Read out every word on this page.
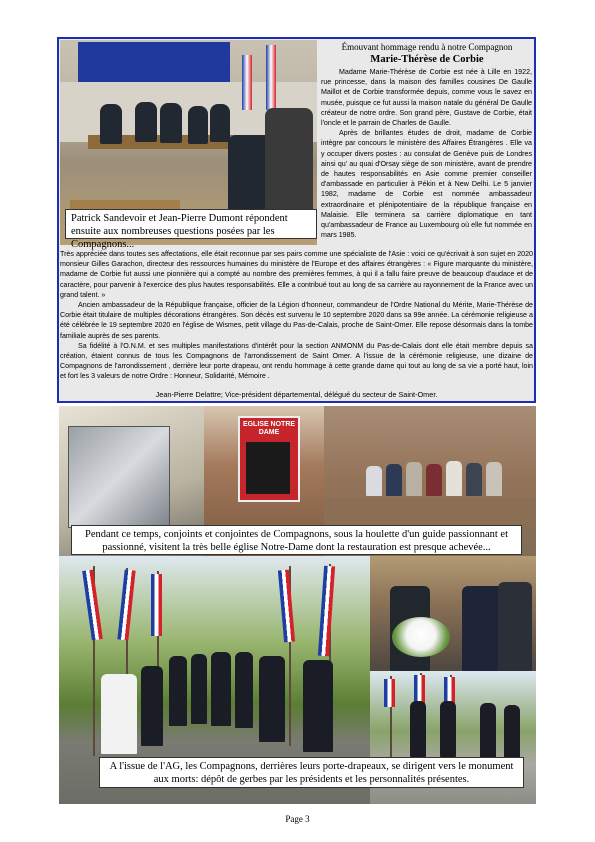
Patrick Sandevoir et Jean-Pierre Dumont répondent ensuite aux nombreuses questions posées par les Compagnons...
Émouvant hommage rendu à notre Compagnon
Marie-Thérèse de Corbie

Madame Marie-Thérèse de Corbie est née à Lille en 1922, rue princesse, dans la maison des familles cousines De Gaulle Maillot et de Corbie transformée depuis, comme vous le savez en musée, puisque ce fut aussi la maison natale du général De Gaulle créateur de notre ordre. Son grand père, Gustave de Corbie, était l'oncle et le parrain de Charles de Gaulle.

Après de brillantes études de droit, madame de Corbie intègre par concours le ministère des Affaires Étrangères . Elle va y occuper divers postes : au consulat de Genève puis de Londres ainsi qu' au quai d'Orsay siège de son ministère, avant de prendre de hautes responsabilités en Asie comme premier conseiller d'ambassade en particulier à Pékin et à New Delhi. Le 5 janvier 1982, madame de Corbie est nommée ambassadeur extraordinaire et plénipotentiaire de la république française en Malaisie. Elle terminera sa carrière diplomatique en tant qu'ambassadeur de France au Luxembourg où elle fut nommée en mars 1985.

Très appréciée dans toutes ses affectations, elle était reconnue par ses pairs comme une spécialiste de l'Asie : voici ce qu'écrivait à son sujet en 2020 monsieur Gilles Garachon, directeur des ressources humaines du ministère de l'Europe et des affaires étrangères : « Figure marquante du ministère, madame de Corbie fut aussi une pionnière qui a compté au nombre des premières femmes, à qui il a fallu faire preuve de beaucoup d'audace et de caractère, pour parvenir à l'exercice des plus hautes responsabilités. Elle a contribué tout au long de sa carrière au rayonnement de la France avec un grand talent. »

Ancien ambassadeur de la République française, officier de la Légion d'honneur, commandeur de l'Ordre National du Mérite, Marie-Thérèse de Corbie était titulaire de multiples décorations étrangères. Son décès est survenu le 10 septembre 2020 dans sa 99e année. La cérémonie religieuse a été célébrée le 19 septembre 2020 en l'église de Wismes, petit village du Pas-de-Calais, proche de Saint-Omer. Elle repose désormais dans la tombe familiale auprès de ses parents.

Sa fidélité à l'O.N.M. et ses multiples manifestations d'intérêt pour la section ANMONM du Pas-de-Calais dont elle était membre depuis sa création, étaient connus de tous les Compagnons de l'arrondissement de Saint Omer. A l'issue de la cérémonie religieuse, une dizaine de Compagnons de l'arrondissement , derrière leur porte drapeau, ont rendu hommage à cette grande dame qui tout au long de sa vie a porté haut, loin et fort les 3 valeurs de notre Ordre : Honneur, Solidarité, Mémoire .

Jean-Pierre Delattre; Vice-président départemental, délégué du secteur de Saint-Omer.
EGLISE NOTRE DAME
Pendant ce temps, conjoints et conjointes de Compagnons, sous la houlette d'un guide passionnant et passionné, visitent la très belle église Notre-Dame dont la restauration est presque achevée...
A l'issue de l'AG, les Compagnons, derrières leurs porte-drapeaux, se dirigent vers le monument aux morts: dépôt de gerbes par les présidents et les personnalités présentes.
Page 3
